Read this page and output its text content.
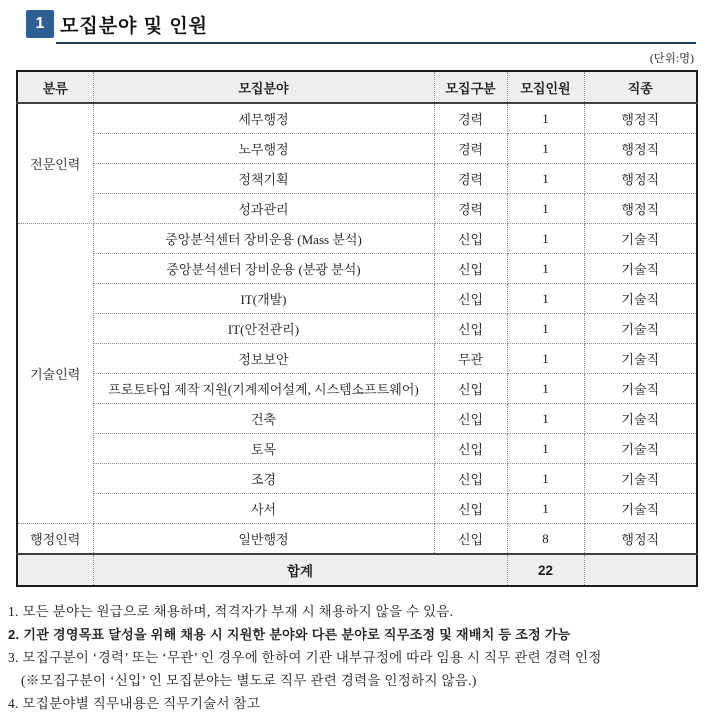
1 모집분야 및 인원
(단위:명)
분류	모집분야	모집구분	모집인원	직종
전문인력	세무행정	경력	1	행정직
	노무행정	경력	1	행정직
	정책기획	경력	1	행정직
	성과관리	경력	1	행정직
기술인력	중앙분석센터 장비운용 (Mass 분석)	신입	1	기술직
	중앙분석센터 장비운용 (분광 분석)	신입	1	기술직
	IT(개발)	신입	1	기술직
	IT(안전관리)	신입	1	기술직
	정보보안	무관	1	기술직
	프로토타입 제작 지원(기계제어설계, 시스템소프트웨어)	신입	1	기술직
	건축	신입	1	기술직
	토목	신입	1	기술직
	조경	신입	1	기술직
	사서	신입	1	기술직
행정인력	일반행정	신입	8	행정직
	합계		22	
1. 모든 분야는 원급으로 채용하며, 적격자가 부재 시 채용하지 않을 수 있음.
2. 기관 경영목표 달성을 위해 채용 시 지원한 분야와 다른 분야로 직무조정 및 재배치 등 조정 가능
3. 모집구분이 ‘경력’ 또는 ‘무관’ 인 경우에 한하여 기관 내부규정에 따라 임용 시 직무 관련 경력 인정
(※모집구분이 ‘신입’ 인 모집분야는 별도로 직무 관련 경력을 인정하지 않음.)
4. 모집분야별 직무내용은 직무기술서 참고
